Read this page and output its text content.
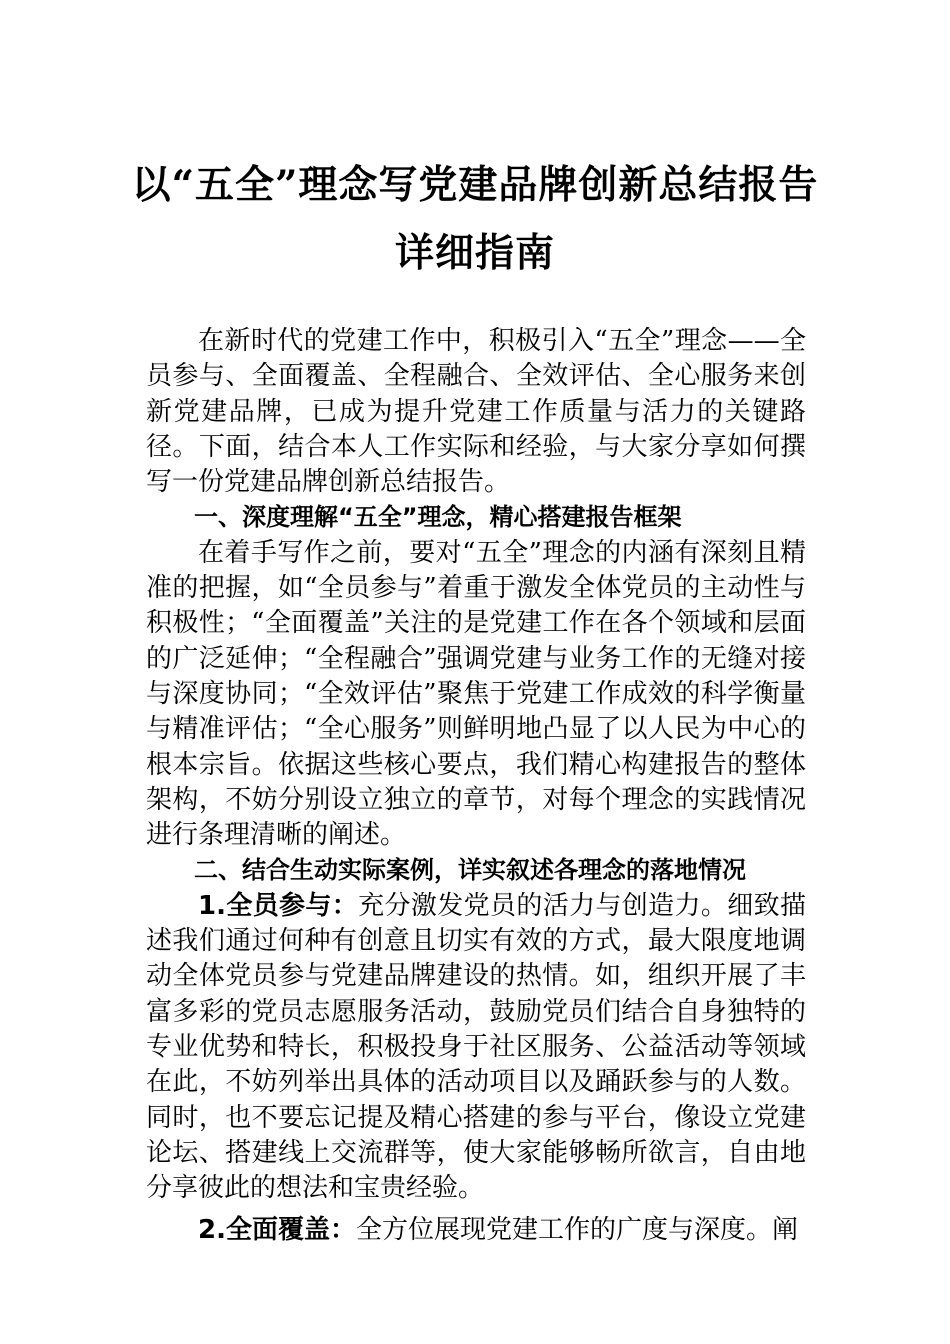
以“五全”理念写党建品牌创新总结报告
详细指南

在新时代的党建工作中，积极引入“五全”理念——全员参与、全面覆盖、全程融合、全效评估、全心服务来创新党建品牌，已成为提升党建工作质量与活力的关键路径。下面，结合本人工作实际和经验，与大家分享如何撰写一份党建品牌创新总结报告。

一、深度理解“五全”理念，精心搭建报告框架

在着手写作之前，要对“五全”理念的内涵有深刻且精准的把握，如“全员参与”着重于激发全体党员的主动性与积极性；“全面覆盖”关注的是党建工作在各个领域和层面的广泛延伸；“全程融合”强调党建与业务工作的无缝对接与深度协同；“全效评估”聚焦于党建工作成效的科学衡量与精准评估；“全心服务”则鲜明地凸显了以人民为中心的根本宗旨。依据这些核心要点，我们精心构建报告的整体架构，不妨分别设立独立的章节，对每个理念的实践情况进行条理清晰的阐述。

二、结合生动实际案例，详实叙述各理念的落地情况

1.全员参与：充分激发党员的活力与创造力。细致描述我们通过何种有创意且切实有效的方式，最大限度地调动全体党员参与党建品牌建设的热情。如，组织开展了丰富多彩的党员志愿服务活动，鼓励党员们结合自身独特的专业优势和特长，积极投身于社区服务、公益活动等领域在此，不妨列举出具体的活动项目以及踊跃参与的人数。同时，也不要忘记提及精心搭建的参与平台，像设立党建论坛、搭建线上交流群等，使大家能够畅所欲言，自由地分享彼此的想法和宝贵经验。

2.全面覆盖：全方位展现党建工作的广度与深度。阐
